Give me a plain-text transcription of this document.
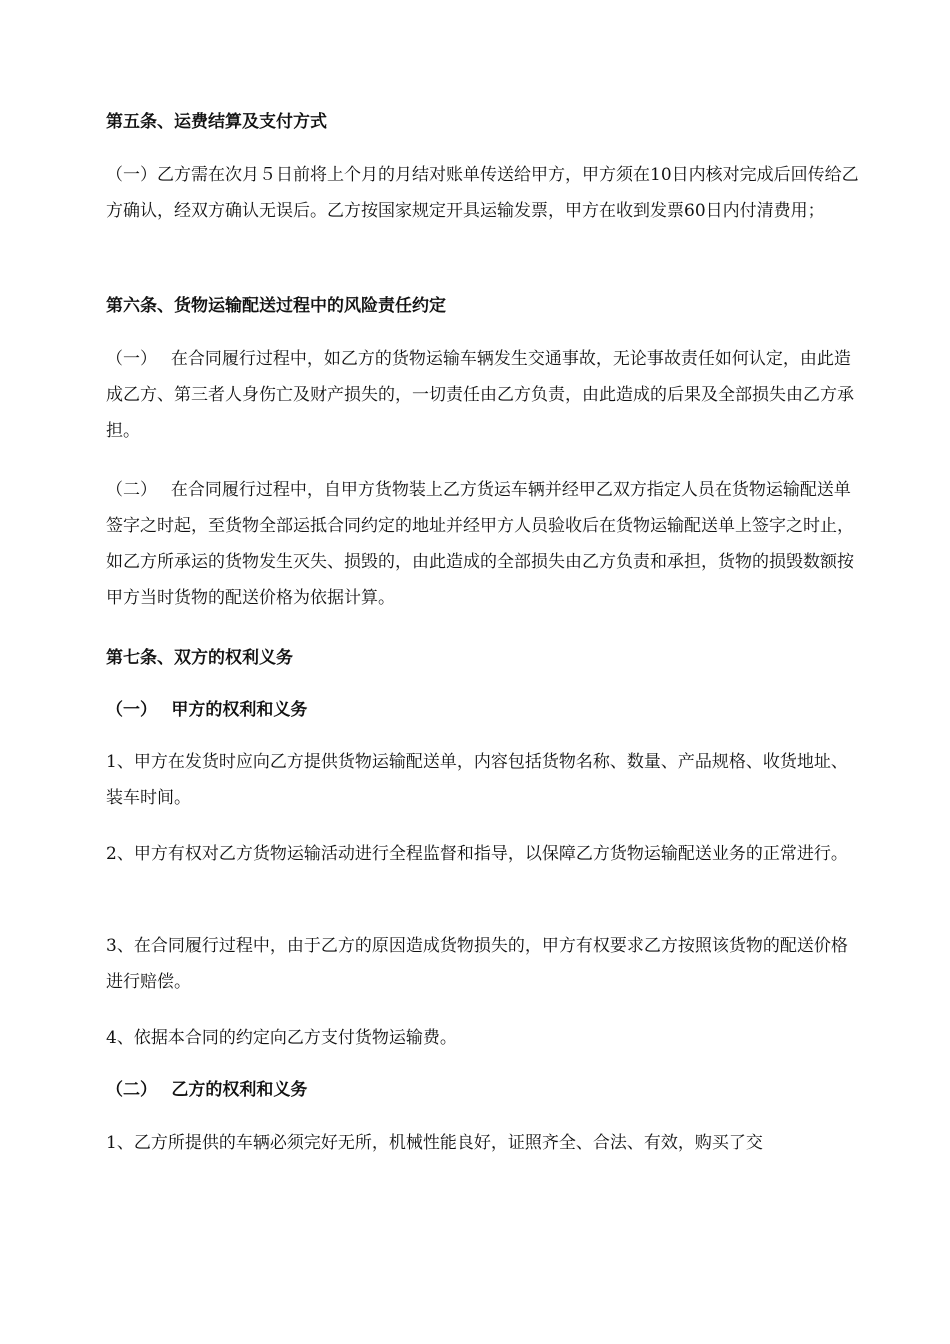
第五条、运费结算及支付方式

（一）乙方需在次月５日前将上个月的月结对账单传送给甲方，甲方须在10日内核对完成后回传给乙方确认，经双方确认无误后。乙方按国家规定开具运输发票，甲方在收到发票60日内付清费用；

第六条、货物运输配送过程中的风险责任约定

（一）　 在合同履行过程中，如乙方的货物运输车辆发生交通事故，无论事故责任如何认定，由此造成乙方、第三者人身伤亡及财产损失的，一切责任由乙方负责，由此造成的后果及全部损失由乙方承担。

（二）　 在合同履行过程中，自甲方货物装上乙方货运车辆并经甲乙双方指定人员在货物运输配送单签字之时起，至货物全部运抵合同约定的地址并经甲方人员验收后在货物运输配送单上签字之时止，如乙方所承运的货物发生灭失、损毁的，由此造成的全部损失由乙方负责和承担，货物的损毁数额按甲方当时货物的配送价格为依据计算。

第七条、双方的权利义务

（一）　 甲方的权利和义务

1、甲方在发货时应向乙方提供货物运输配送单，内容包括货物名称、数量、产品规格、收货地址、装车时间。

2、甲方有权对乙方货物运输活动进行全程监督和指导，以保障乙方货物运输配送业务的正常进行。

3、在合同履行过程中，由于乙方的原因造成货物损失的，甲方有权要求乙方按照该货物的配送价格进行赔偿。

4、依据本合同的约定向乙方支付货物运输费。

（二）　 乙方的权利和义务

1、乙方所提供的车辆必须完好无所，机械性能良好，证照齐全、合法、有效，购买了交
